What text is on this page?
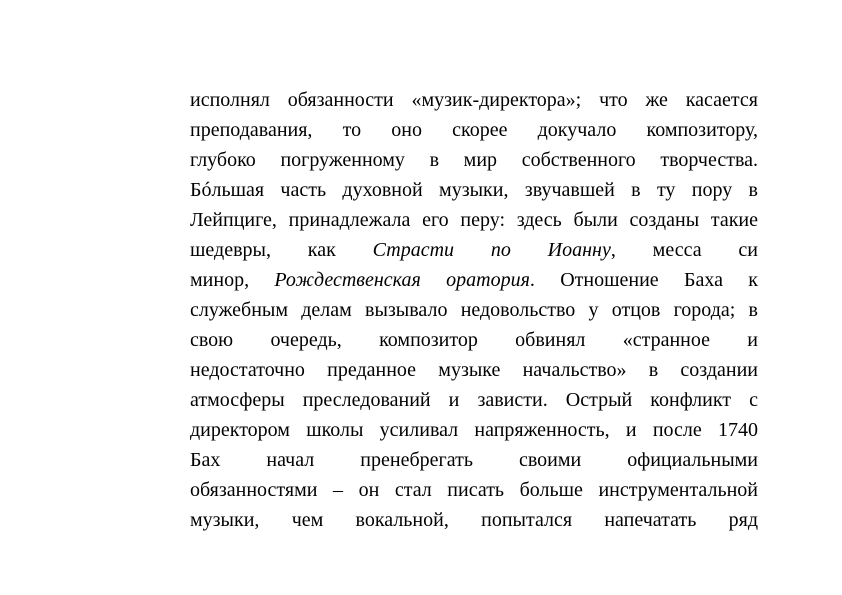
исполнял обязанности «музик-директора»; что же касается
преподавания, то оно скорее докучало композитору,
глубоко погруженному в мир собственного творчества.
Бóльшая часть духовной музыки, звучавшей в ту пору в
Лейпциге, принадлежала его перу: здесь были созданы такие
шедевры, как Страсти по Иоанну, месса си
минор, Рождественская оратория. Отношение Баха к
служебным делам вызывало недовольство у отцов города; в
свою очередь, композитор обвинял «странное и
недостаточно преданное музыке начальство» в создании
атмосферы преследований и зависти. Острый конфликт с
директором школы усиливал напряженность, и после 1740
Бах начал пренебрегать своими официальными
обязанностями – он стал писать больше инструментальной
музыки, чем вокальной, попытался напечатать ряд
